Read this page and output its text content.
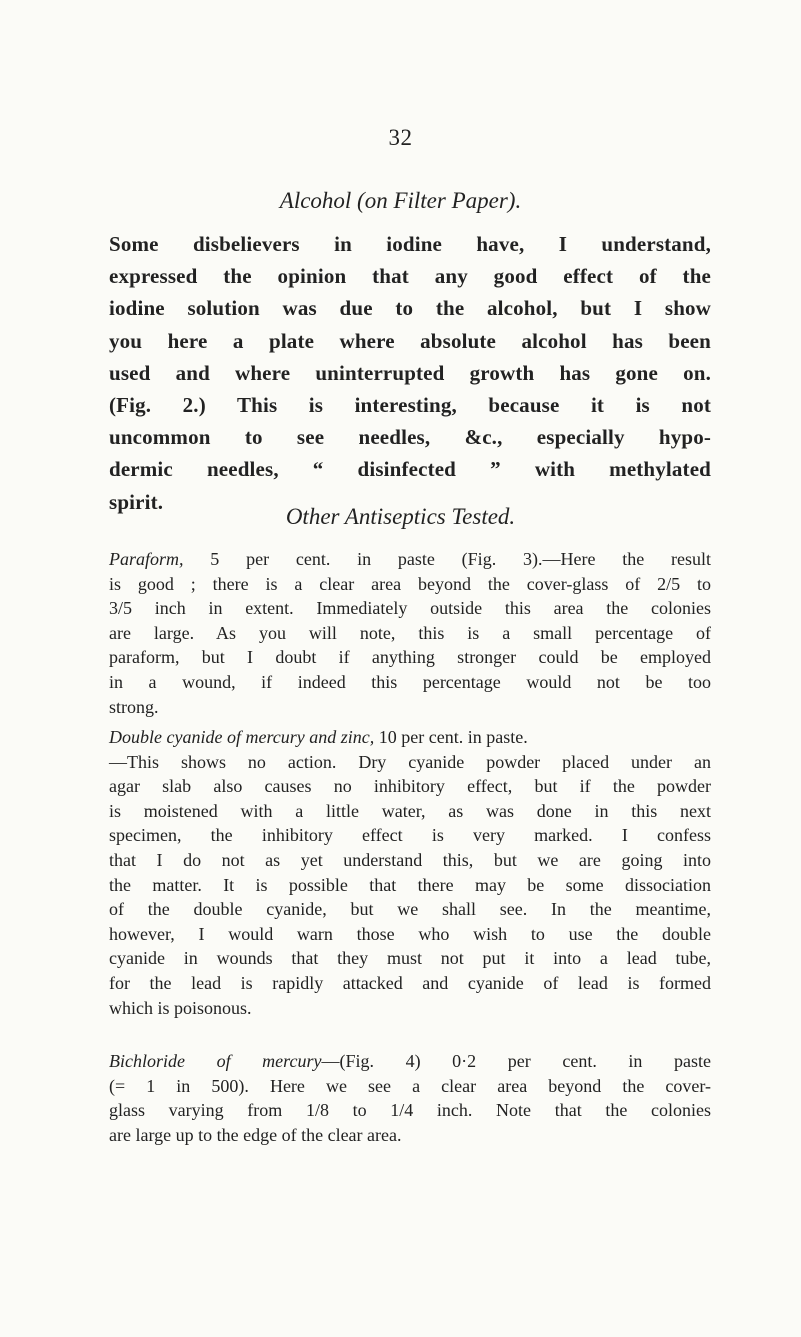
32
Alcohol (on Filter Paper).

Some disbelievers in iodine have, I understand,
expressed the opinion that any good effect of the
iodine solution was due to the alcohol, but I show
you here a plate where absolute alcohol has been
used and where uninterrupted growth has gone on.
(Fig. 2.) This is interesting, because it is not
uncommon to see needles, &c., especially hypo-
dermic needles, “ disinfected ” with methylated
spirit.

Other Antiseptics Tested.

Paraform, 5 per cent. in paste (Fig. 3).—Here the result
is good ; there is a clear area beyond the cover-glass of 2/5 to
3/5 inch in extent. Immediately outside this area the colonies
are large. As you will note, this is a small percentage of
paraform, but I doubt if anything stronger could be employed
in a wound, if indeed this percentage would not be too
strong.

Double cyanide of mercury and zinc, 10 per cent. in paste.
—This shows no action. Dry cyanide powder placed under an
agar slab also causes no inhibitory effect, but if the powder
is moistened with a little water, as was done in this next
specimen, the inhibitory effect is very marked. I confess
that I do not as yet understand this, but we are going into
the matter. It is possible that there may be some dissociation
of the double cyanide, but we shall see. In the meantime,
however, I would warn those who wish to use the double
cyanide in wounds that they must not put it into a lead tube,
for the lead is rapidly attacked and cyanide of lead is formed
which is poisonous.

Bichloride of mercury—(Fig. 4) 0·2 per cent. in paste
(= 1 in 500). Here we see a clear area beyond the cover-
glass varying from 1/8 to 1/4 inch. Note that the colonies
are large up to the edge of the clear area.
